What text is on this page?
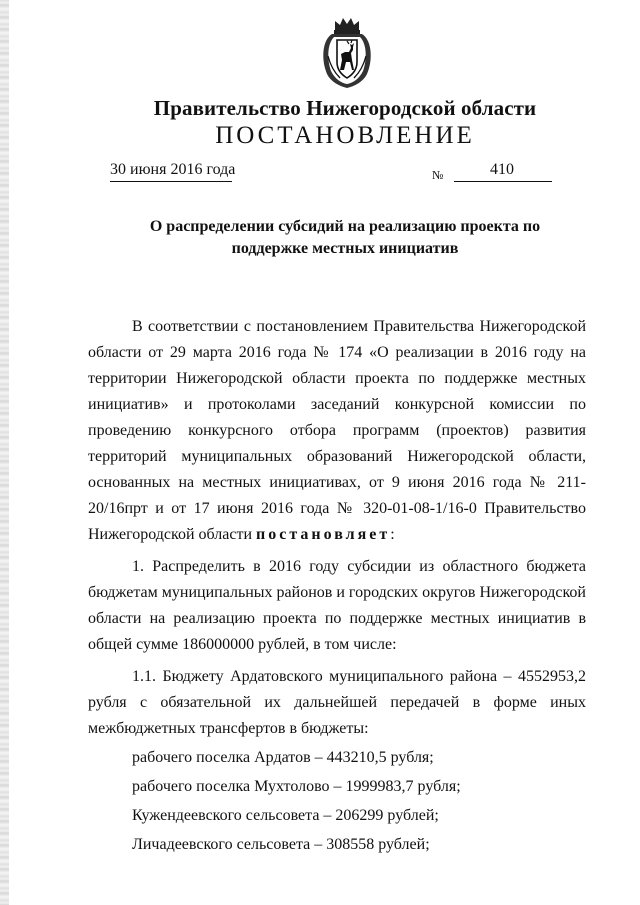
Правительство Нижегородской области
ПОСТАНОВЛЕНИЕ
30 июня 2016 года	№	410
О распределении субсидий на реализацию проекта по
поддержке местных инициатив

В соответствии с постановлением Правительства Нижегородской области от 29 марта 2016 года № 174 «О реализации в 2016 году на территории Нижегородской области проекта по поддержке местных инициатив» и протоколами заседаний конкурсной комиссии по проведению конкурсного отбора программ (проектов) развития территорий муниципальных образований Нижегородской области, основанных на местных инициативах, от 9 июня 2016 года № 211-20/16прт и от 17 июня 2016 года № 320-01-08-1/16-0 Правительство Нижегородской области постановляет:

1. Распределить в 2016 году субсидии из областного бюджета бюджетам муниципальных районов и городских округов Нижегородской области на реализацию проекта по поддержке местных инициатив в общей сумме 186000000 рублей, в том числе:

1.1. Бюджету Ардатовского муниципального района – 4552953,2 рубля с обязательной их дальнейшей передачей в форме иных межбюджетных трансфертов в бюджеты:

рабочего поселка Ардатов – 443210,5 рубля;

рабочего поселка Мухтолово – 1999983,7 рубля;

Кужендеевского сельсовета – 206299 рублей;

Личадеевского сельсовета – 308558 рублей;
